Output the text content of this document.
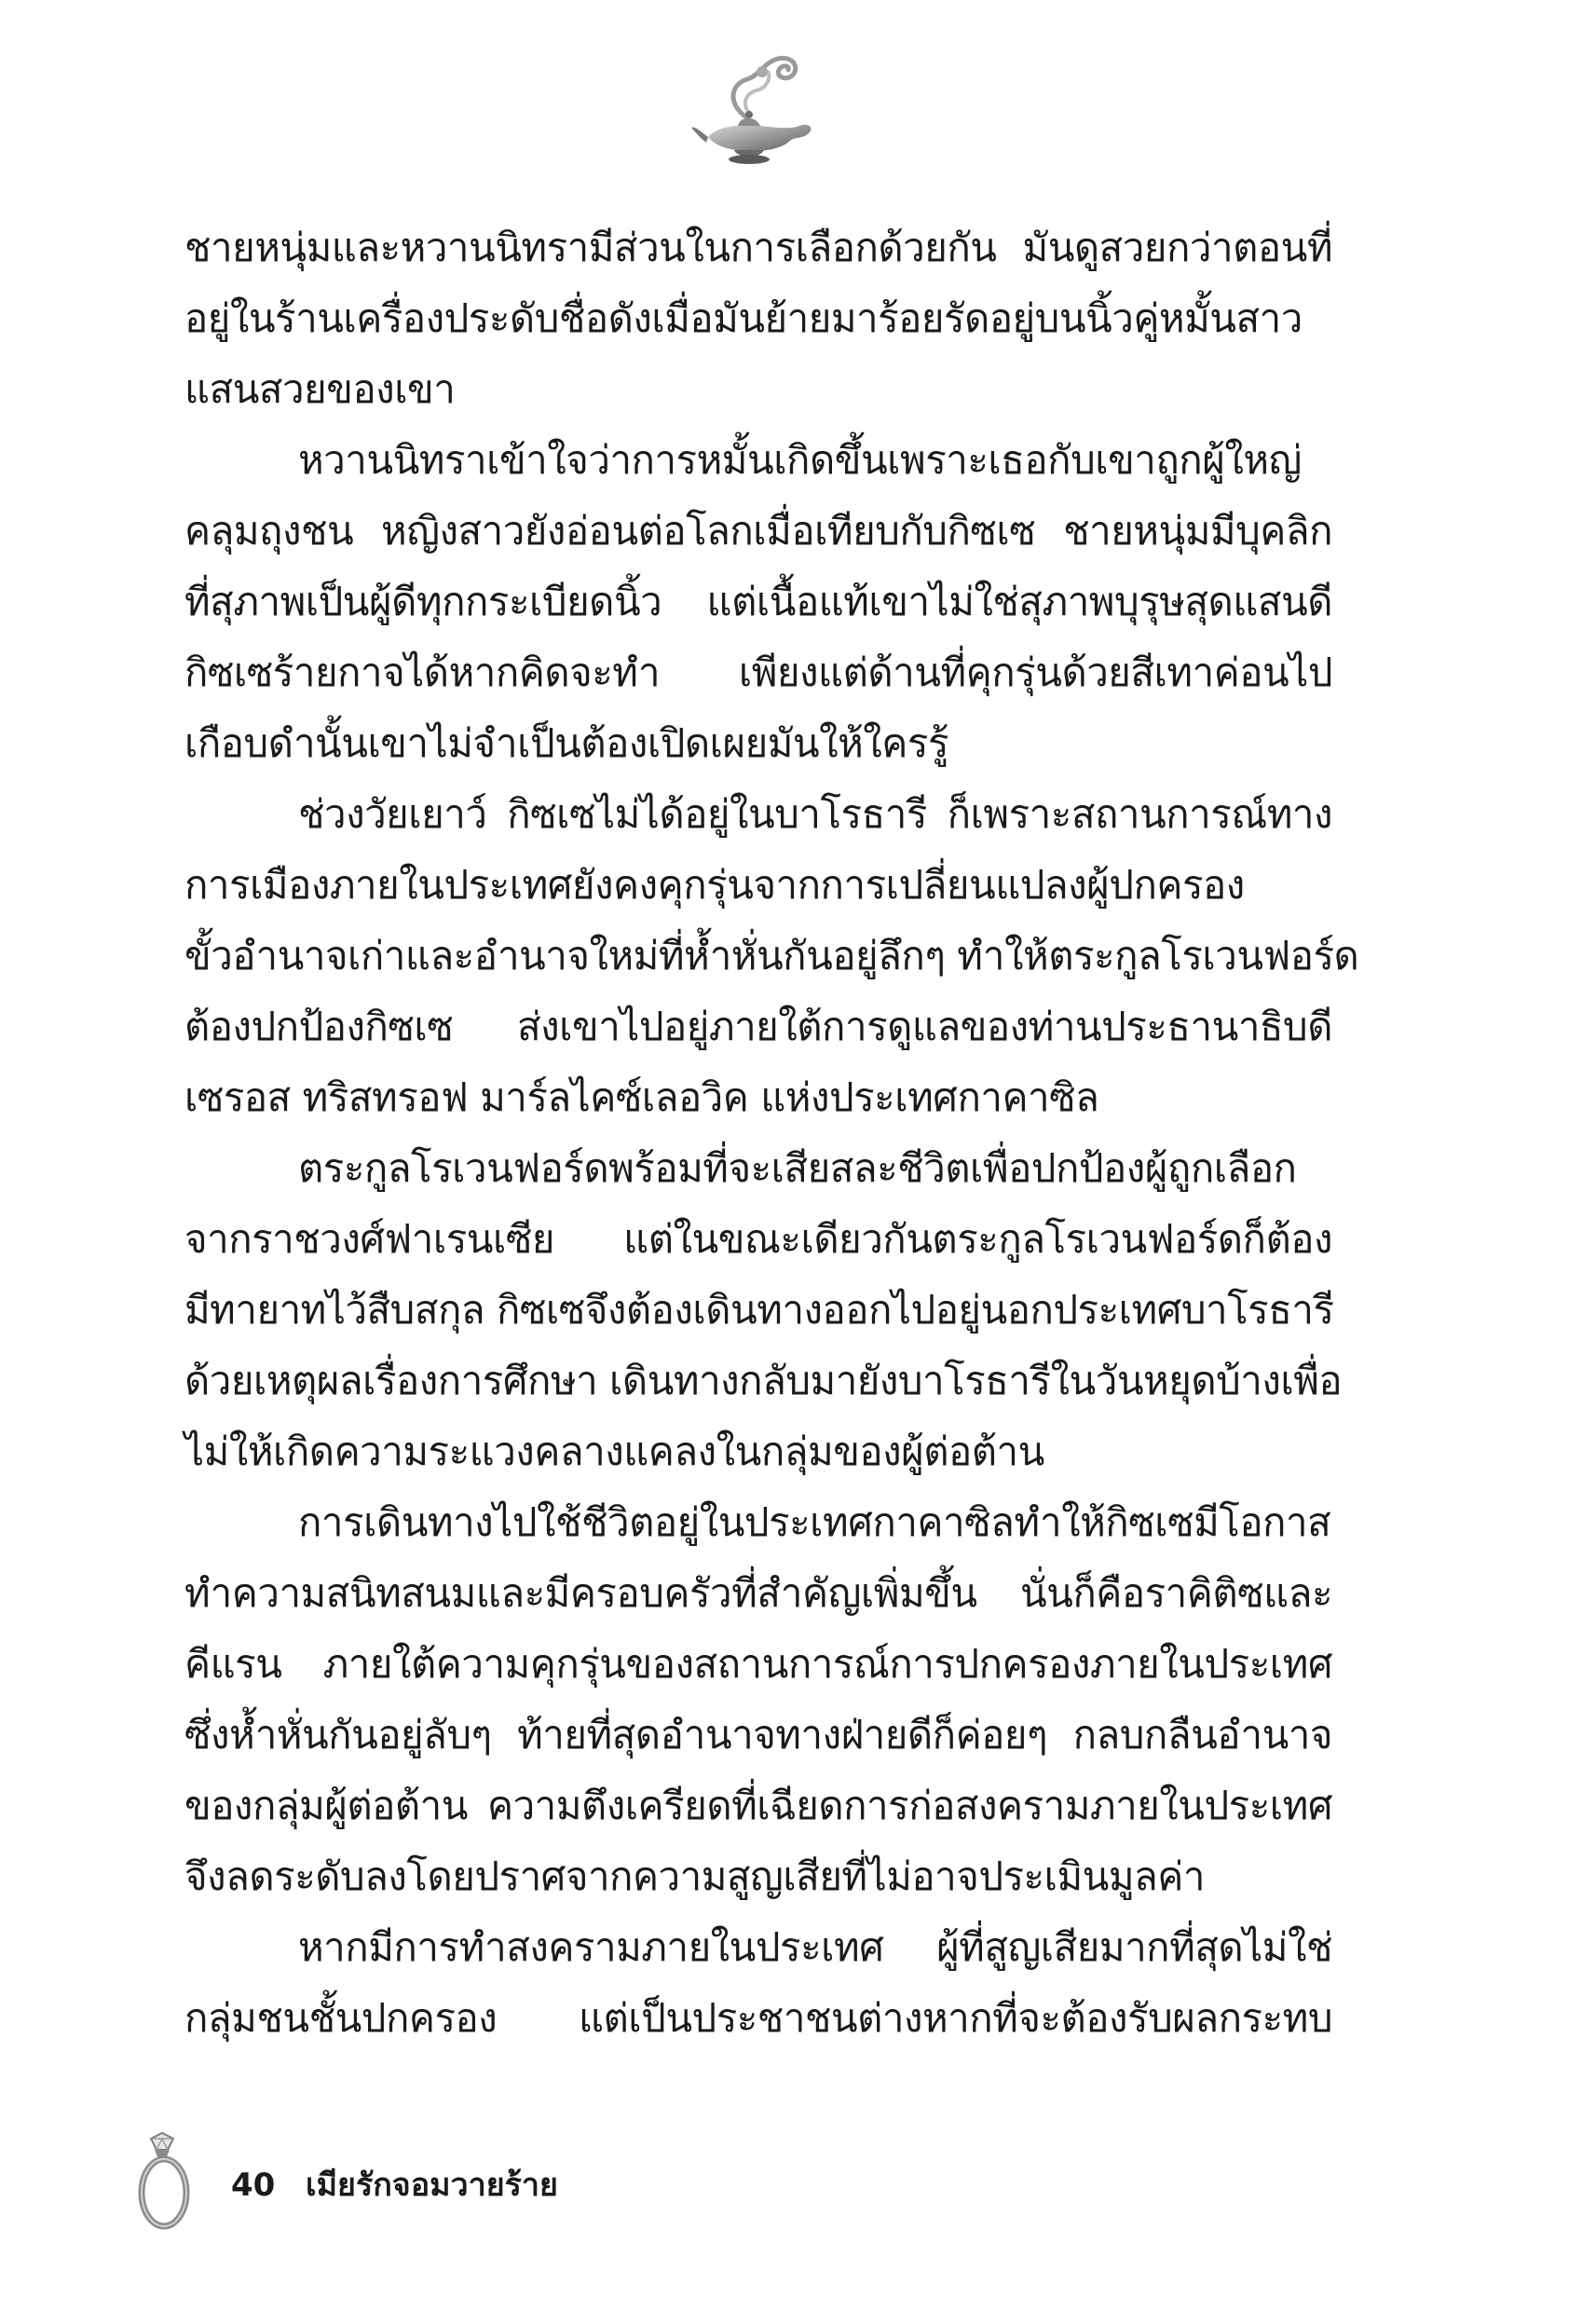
ชายหนุ่มและหวานนิทรามีส่วนในการเลือกด้วยกัน มันดูสวยกว่าตอนที่
อยู่ในร้านเครื่องประดับชื่อดังเมื่อมันย้ายมาร้อยรัดอยู่บนนิ้วคู่หมั้นสาว
แสนสวยของเขา
หวานนิทราเข้าใจว่าการหมั้นเกิดขึ้นเพราะเธอกับเขาถูกผู้ใหญ่
คลุมถุงชน หญิงสาวยังอ่อนต่อโลกเมื่อเทียบกับกิซเซ ชายหนุ่มมีบุคลิก
ที่สุภาพเป็นผู้ดีทุกกระเบียดนิ้ว แต่เนื้อแท้เขาไม่ใช่สุภาพบุรุษสุดแสนดี
กิซเซร้ายกาจได้หากคิดจะทำ เพียงแต่ด้านที่คุกรุ่นด้วยสีเทาค่อนไป
เกือบดำนั้นเขาไม่จำเป็นต้องเปิดเผยมันให้ใครรู้
ช่วงวัยเยาว์ กิซเซไม่ได้อยู่ในบาโรธารี ก็เพราะสถานการณ์ทาง
การเมืองภายในประเทศยังคงคุกรุ่นจากการเปลี่ยนแปลงผู้ปกครอง
ขั้วอำนาจเก่าและอำนาจใหม่ที่ห้ำหั่นกันอยู่ลึกๆ ทำให้ตระกูลโรเวนฟอร์ด
ต้องปกป้องกิซเซ ส่งเขาไปอยู่ภายใต้การดูแลของท่านประธานาธิบดี
เซรอส ทริสทรอฟ มาร์ลไคซ์เลอวิค แห่งประเทศกาคาซิล
ตระกูลโรเวนฟอร์ดพร้อมที่จะเสียสละชีวิตเพื่อปกป้องผู้ถูกเลือก
จากราชวงศ์ฟาเรนเซีย แต่ในขณะเดียวกันตระกูลโรเวนฟอร์ดก็ต้อง
มีทายาทไว้สืบสกุล กิซเซจึงต้องเดินทางออกไปอยู่นอกประเทศบาโรธารี
ด้วยเหตุผลเรื่องการศึกษา เดินทางกลับมายังบาโรธารีในวันหยุดบ้างเพื่อ
ไม่ให้เกิดความระแวงคลางแคลงในกลุ่มของผู้ต่อต้าน
การเดินทางไปใช้ชีวิตอยู่ในประเทศกาคาซิลทำให้กิซเซมีโอกาส
ทำความสนิทสนมและมีครอบครัวที่สำคัญเพิ่มขึ้น นั่นก็คือราคิติซและ
คีแรน ภายใต้ความคุกรุ่นของสถานการณ์การปกครองภายในประเทศ
ซึ่งห้ำหั่นกันอยู่ลับๆ ท้ายที่สุดอำนาจทางฝ่ายดีก็ค่อยๆ กลบกลืนอำนาจ
ของกลุ่มผู้ต่อต้าน ความตึงเครียดที่เฉียดการก่อสงครามภายในประเทศ
จึงลดระดับลงโดยปราศจากความสูญเสียที่ไม่อาจประเมินมูลค่า
หากมีการทำสงครามภายในประเทศ ผู้ที่สูญเสียมากที่สุดไม่ใช่
กลุ่มชนชั้นปกครอง แต่เป็นประชาชนต่างหากที่จะต้องรับผลกระทบ
40 เมียรักจอมวายร้าย
